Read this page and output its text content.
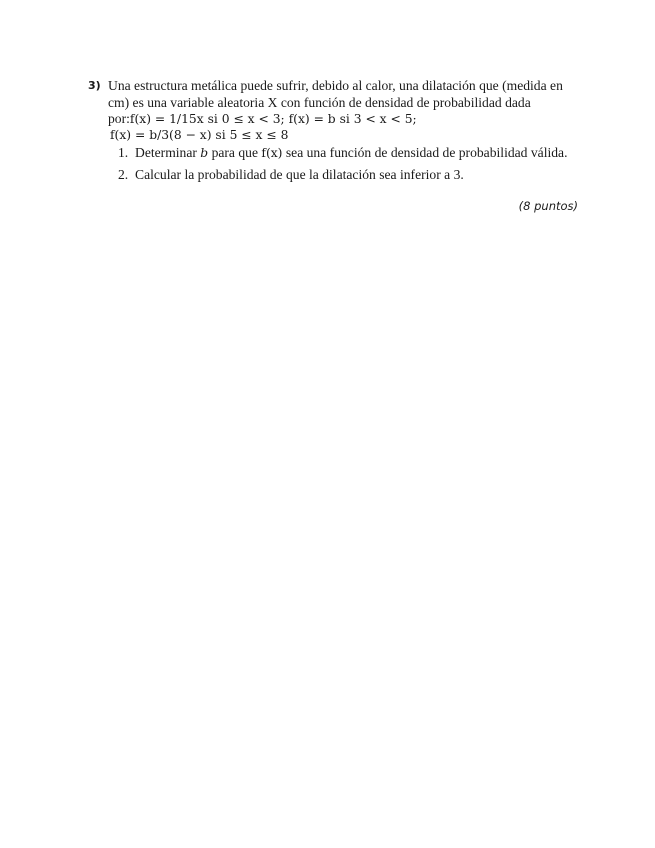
3) Una estructura metálica puede sufrir, debido al calor, una dilatación que (medida en
cm) es una variable aleatoria X con función de densidad de probabilidad dada
por:f(x) = 1/15x si 0 ≤ x < 3; f(x) = b si 3 < x < 5;
f(x) = b/3(8 − x) si 5 ≤ x ≤ 8
1. Determinar b para que f(x) sea una función de densidad de probabilidad válida.
2. Calcular la probabilidad de que la dilatación sea inferior a 3.
(8 puntos)
